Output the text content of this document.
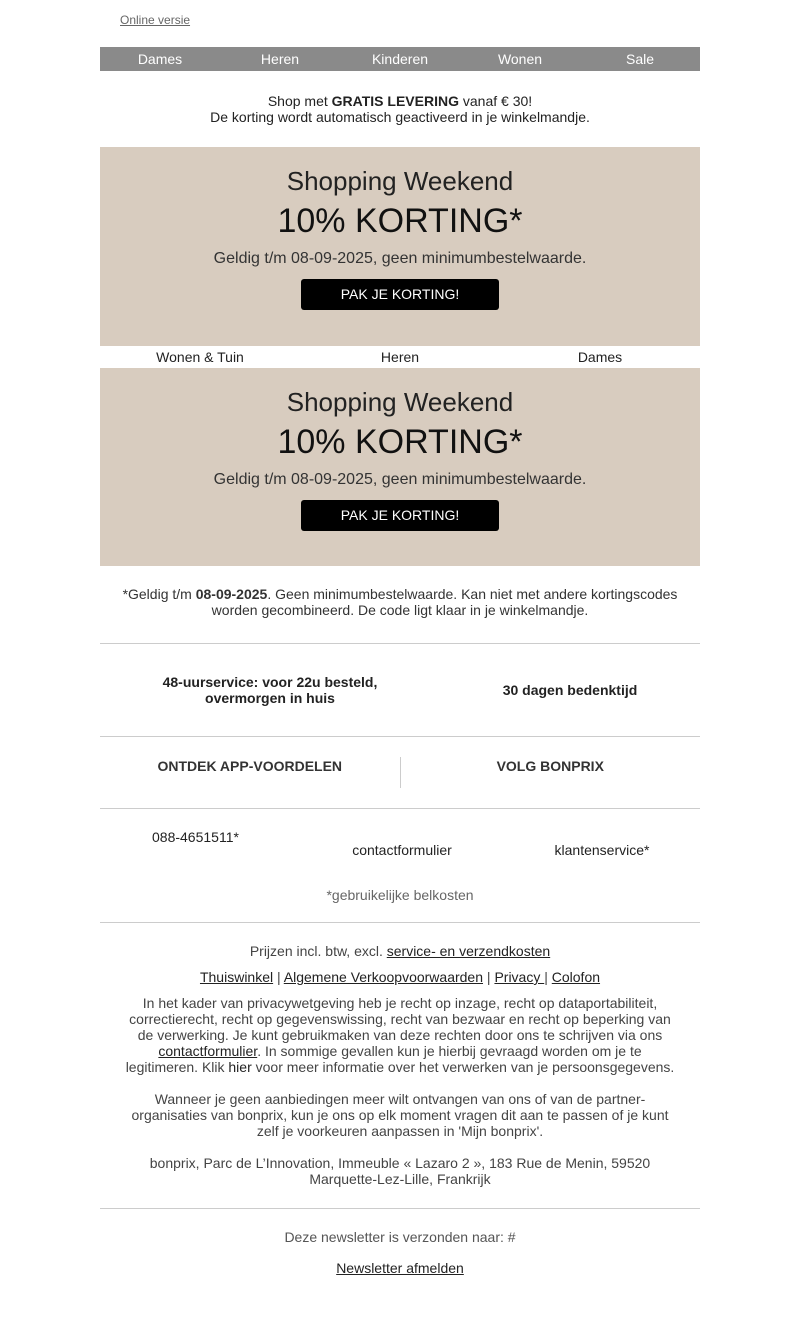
Online versie
Dames	Heren	Kinderen	Wonen	Sale
Shop met GRATIS LEVERING vanaf € 30!
De korting wordt automatisch geactiveerd in je winkelmandje.
Shopping Weekend
10% KORTING*
Geldig t/m 08-09-2025, geen minimumbestelwaarde.
PAK JE KORTING!
Wonen & Tuin	Heren	Dames
Shopping Weekend
10% KORTING*
Geldig t/m 08-09-2025, geen minimumbestelwaarde.
PAK JE KORTING!
*Geldig t/m 08-09-2025. Geen minimumbestelwaarde. Kan niet met andere kortingscodes worden gecombineerd. De code ligt klaar in je winkelmandje.
48-uurservice: voor 22u besteld, overmorgen in huis	30 dagen bedenktijd
ONTDEK APP-VOORDELEN	VOLG BONPRIX
088-4651511*
contactformulier	klantenservice*
*gebruikelijke belkosten

Prijzen incl. btw, excl. service- en verzendkosten

Thuiswinkel | Algemene Verkoopvoorwaarden | Privacy | Colofon

In het kader van privacywetgeving heb je recht op inzage, recht op dataportabiliteit, correctierecht, recht op gegevenswissing, recht van bezwaar en recht op beperking van de verwerking. Je kunt gebruikmaken van deze rechten door ons te schrijven via ons contactformulier. In sommige gevallen kun je hierbij gevraagd worden om je te legitimeren. Klik hier voor meer informatie over het verwerken van je persoonsgegevens.

Wanneer je geen aanbiedingen meer wilt ontvangen van ons of van de partner-organisaties van bonprix, kun je ons op elk moment vragen dit aan te passen of je kunt zelf je voorkeuren aanpassen in 'Mijn bonprix'.

bonprix, Parc de L’Innovation, Immeuble « Lazaro 2 », 183 Rue de Menin, 59520 Marquette-Lez-Lille, Frankrijk

Deze newsletter is verzonden naar: #
Newsletter afmelden
